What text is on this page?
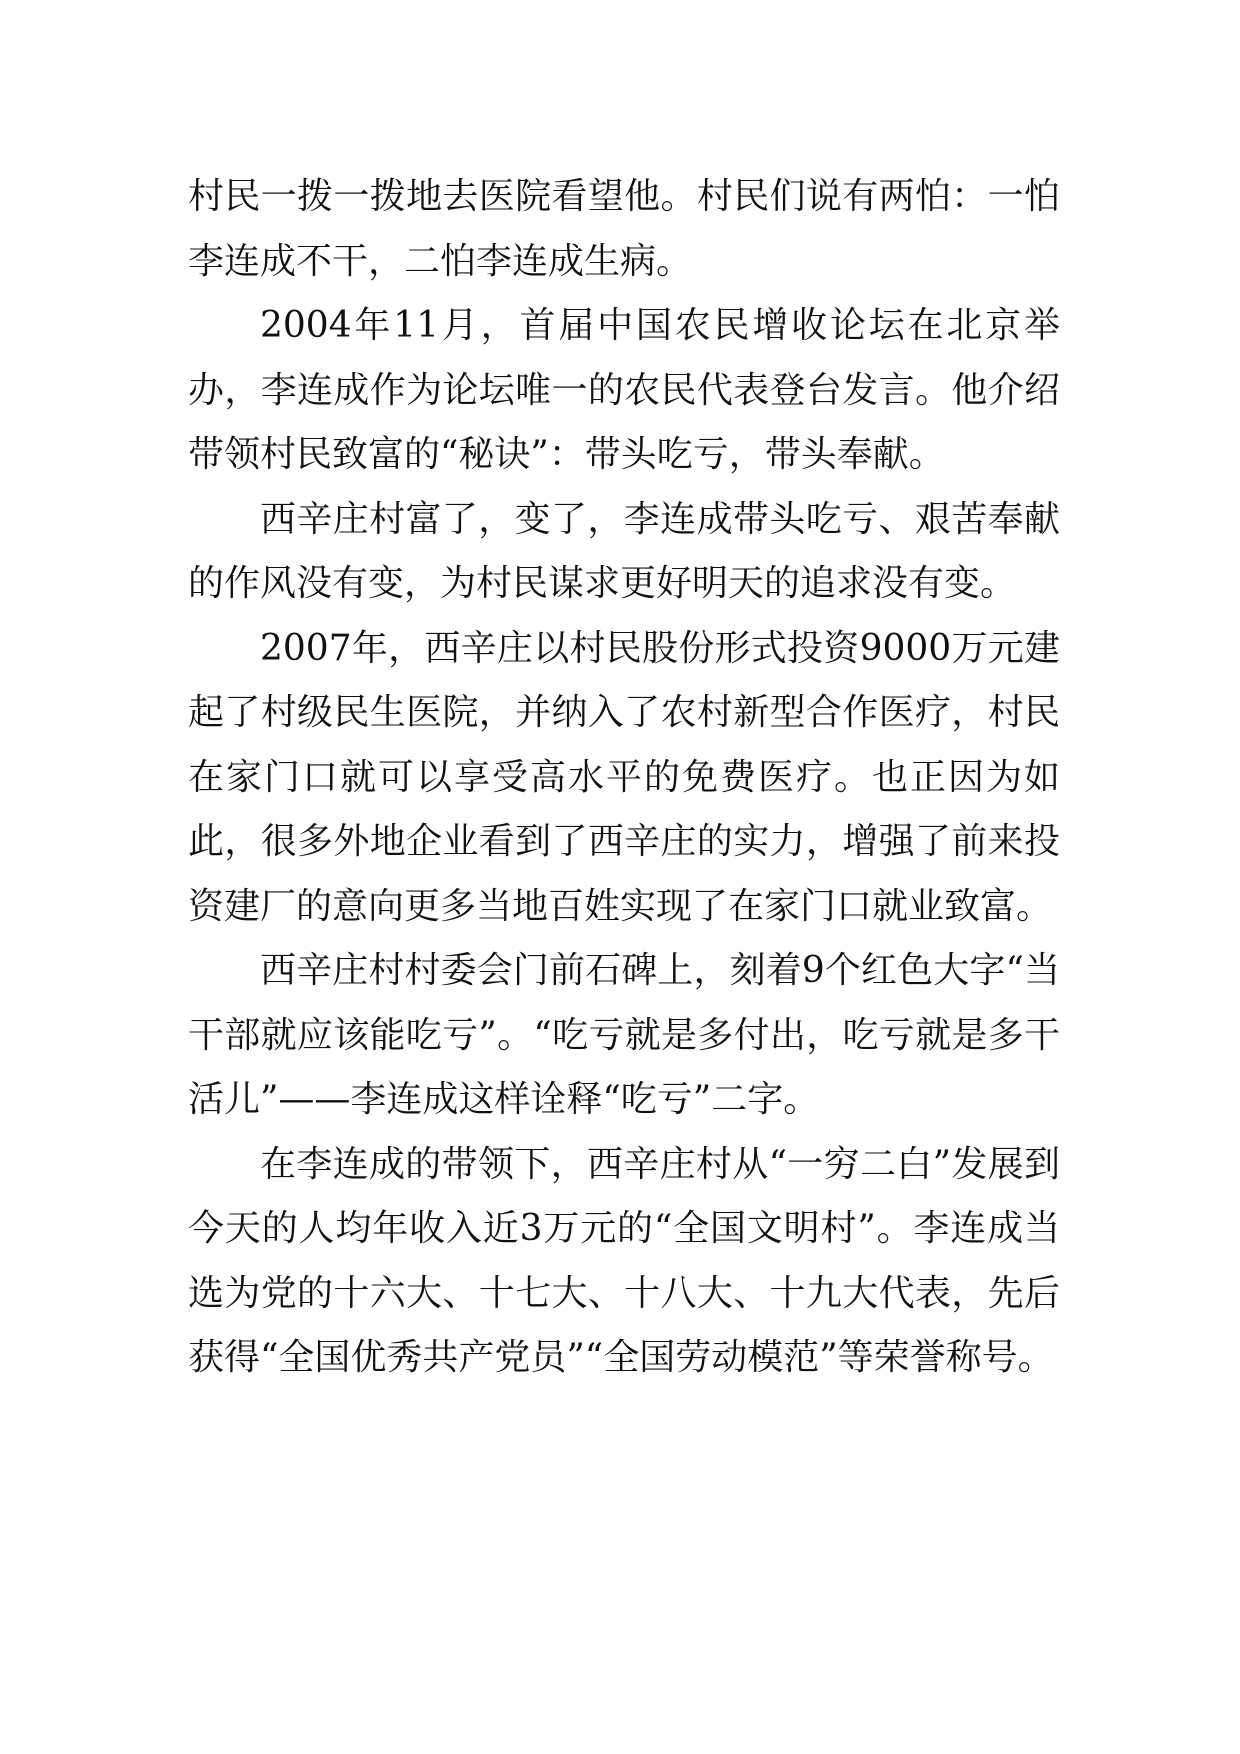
村民一拨一拨地去医院看望他。村民们说有两怕：一怕李连成不干，二怕李连成生病。

2004年11月，首届中国农民增收论坛在北京举办，李连成作为论坛唯一的农民代表登台发言。他介绍带领村民致富的“秘诀”：带头吃亏，带头奉献。

西辛庄村富了，变了，李连成带头吃亏、艰苦奉献的作风没有变，为村民谋求更好明天的追求没有变。

2007年，西辛庄以村民股份形式投资9000万元建起了村级民生医院，并纳入了农村新型合作医疗，村民在家门口就可以享受高水平的免费医疗。也正因为如此，很多外地企业看到了西辛庄的实力，增强了前来投资建厂的意向更多当地百姓实现了在家门口就业致富。

西辛庄村村委会门前石碑上，刻着9个红色大字“当干部就应该能吃亏”。“吃亏就是多付出，吃亏就是多干活儿”——李连成这样诠释“吃亏”二字。

在李连成的带领下，西辛庄村从“一穷二白”发展到今天的人均年收入近3万元的“全国文明村”。李连成当选为党的十六大、十七大、十八大、十九大代表，先后获得“全国优秀共产党员”“全国劳动模范”等荣誉称号。
